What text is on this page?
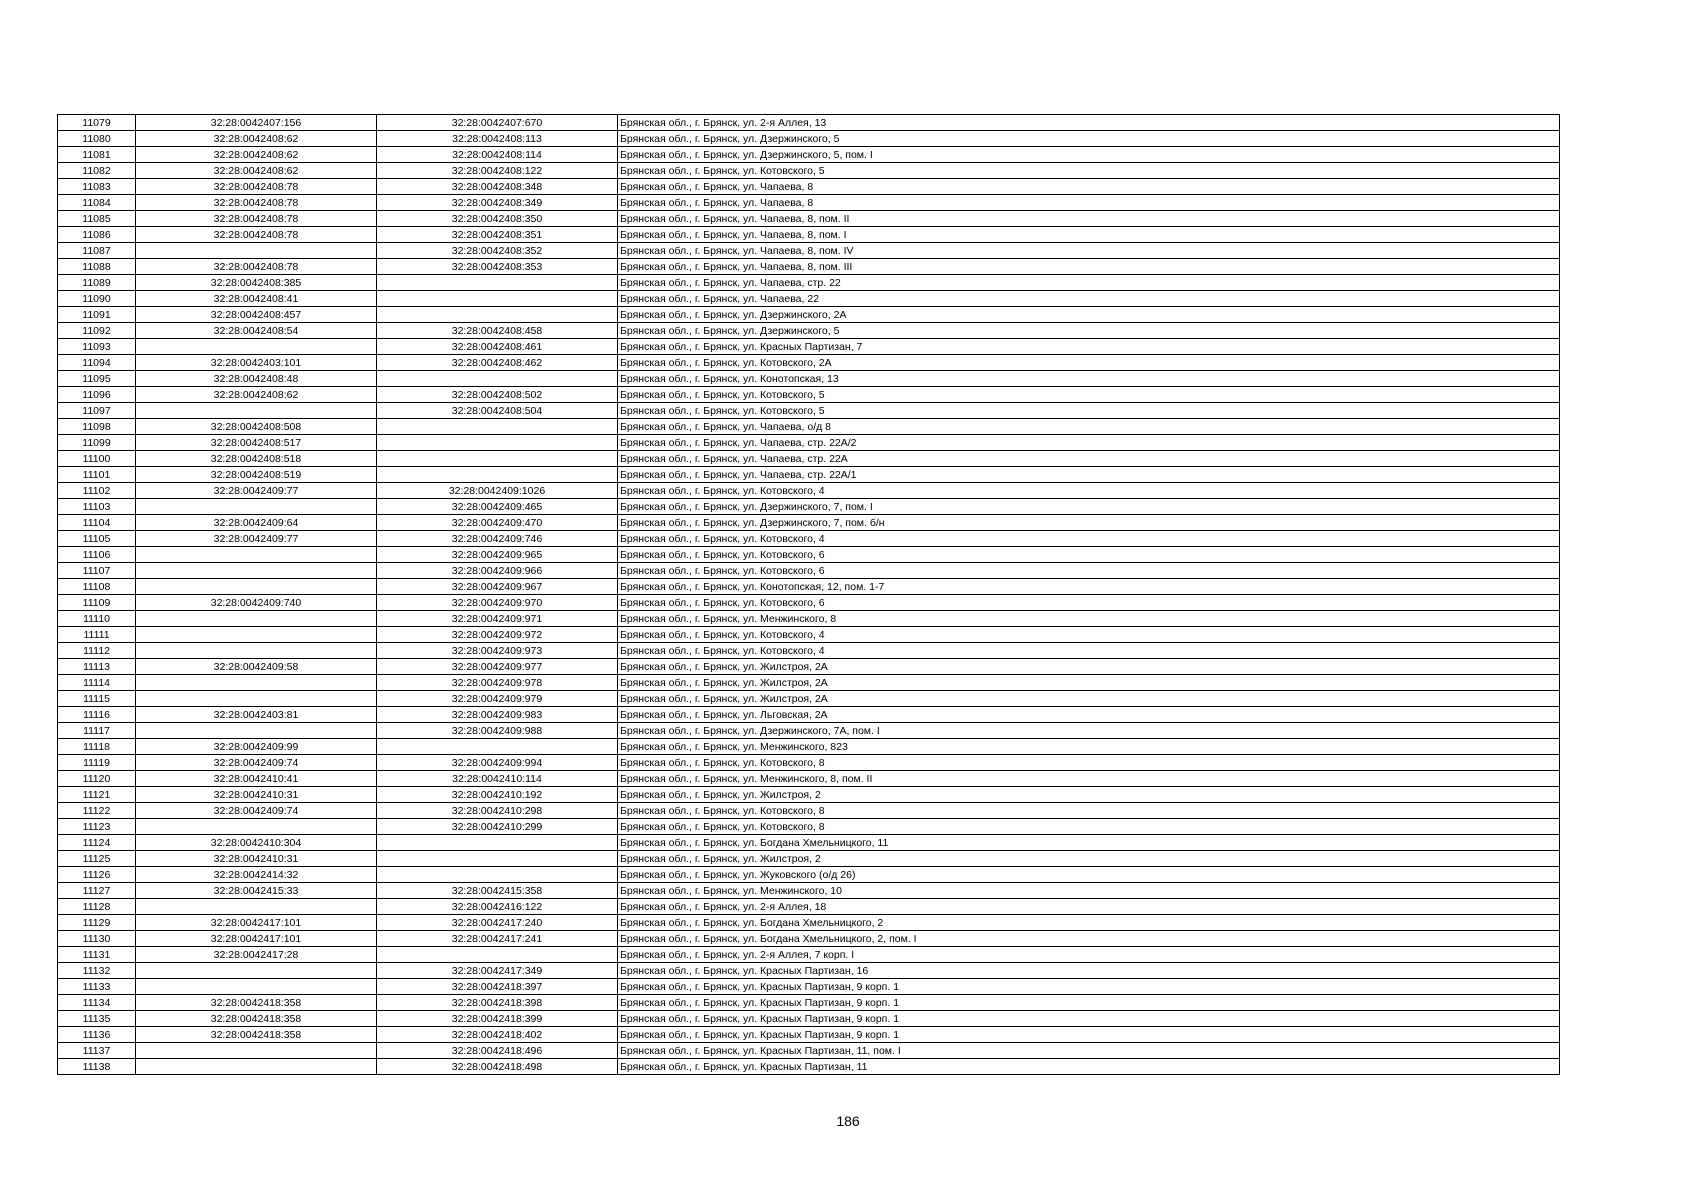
11079	32:28:0042407:156	32:28:0042407:670	Брянская обл., г. Брянск, ул. 2-я Аллея, 13
11080	32:28:0042408:62	32:28:0042408:113	Брянская обл., г. Брянск, ул. Дзержинского, 5
11081	32:28:0042408:62	32:28:0042408:114	Брянская обл., г. Брянск, ул. Дзержинского, 5, пом. I
11082	32:28:0042408:62	32:28:0042408:122	Брянская обл., г. Брянск, ул. Котовского, 5
11083	32:28:0042408:78	32:28:0042408:348	Брянская обл., г. Брянск, ул. Чапаева, 8
11084	32:28:0042408:78	32:28:0042408:349	Брянская обл., г. Брянск, ул. Чапаева, 8
11085	32:28:0042408:78	32:28:0042408:350	Брянская обл., г. Брянск, ул. Чапаева, 8, пом. II
11086	32:28:0042408:78	32:28:0042408:351	Брянская обл., г. Брянск, ул. Чапаева, 8, пом. I
11087		32:28:0042408:352	Брянская обл., г. Брянск, ул. Чапаева, 8, пом. IV
11088	32:28:0042408:78	32:28:0042408:353	Брянская обл., г. Брянск, ул. Чапаева, 8, пом. III
11089	32:28:0042408:385		Брянская обл., г. Брянск, ул. Чапаева, стр. 22
11090	32:28:0042408:41		Брянская обл., г. Брянск, ул. Чапаева, 22
11091	32:28:0042408:457		Брянская обл., г. Брянск, ул. Дзержинского, 2А
11092	32:28:0042408:54	32:28:0042408:458	Брянская обл., г. Брянск, ул. Дзержинского, 5
11093		32:28:0042408:461	Брянская обл., г. Брянск, ул. Красных Партизан, 7
11094	32:28:0042403:101	32:28:0042408:462	Брянская обл., г. Брянск, ул. Котовского, 2А
11095	32:28:0042408:48		Брянская обл., г. Брянск, ул. Конотопская, 13
11096	32:28:0042408:62	32:28:0042408:502	Брянская обл., г. Брянск, ул. Котовского, 5
11097		32:28:0042408:504	Брянская обл., г. Брянск, ул. Котовского, 5
11098	32:28:0042408:508		Брянская обл., г. Брянск, ул. Чапаева, о/д 8
11099	32:28:0042408:517		Брянская обл., г. Брянск, ул. Чапаева, стр. 22А/2
11100	32:28:0042408:518		Брянская обл., г. Брянск, ул. Чапаева, стр. 22А
11101	32:28:0042408:519		Брянская обл., г. Брянск, ул. Чапаева, стр. 22А/1
11102	32:28:0042409:77	32:28:0042409:1026	Брянская обл., г. Брянск, ул. Котовского, 4
11103		32:28:0042409:465	Брянская обл., г. Брянск, ул. Дзержинского, 7, пом. I
11104	32:28:0042409:64	32:28:0042409:470	Брянская обл., г. Брянск, ул. Дзержинского, 7, пом. б/н
11105	32:28:0042409:77	32:28:0042409:746	Брянская обл., г. Брянск, ул. Котовского, 4
11106		32:28:0042409:965	Брянская обл., г. Брянск, ул. Котовского, 6
11107		32:28:0042409:966	Брянская обл., г. Брянск, ул. Котовского, 6
11108		32:28:0042409:967	Брянская обл., г. Брянск, ул. Конотопская, 12, пом. 1-7
11109	32:28:0042409:740	32:28:0042409:970	Брянская обл., г. Брянск, ул. Котовского, 6
11110		32:28:0042409:971	Брянская обл., г. Брянск, ул. Менжинского, 8
11111		32:28:0042409:972	Брянская обл., г. Брянск, ул. Котовского, 4
11112		32:28:0042409:973	Брянская обл., г. Брянск, ул. Котовского, 4
11113	32:28:0042409:58	32:28:0042409:977	Брянская обл., г. Брянск, ул. Жилстроя, 2А
11114		32:28:0042409:978	Брянская обл., г. Брянск, ул. Жилстроя, 2А
11115		32:28:0042409:979	Брянская обл., г. Брянск, ул. Жилстроя, 2А
11116	32:28:0042403:81	32:28:0042409:983	Брянская обл., г. Брянск, ул. Льговская, 2А
11117		32:28:0042409:988	Брянская обл., г. Брянск, ул. Дзержинского, 7А, пом. I
11118	32:28:0042409:99		Брянская обл., г. Брянск, ул. Менжинского, 823
11119	32:28:0042409:74	32:28:0042409:994	Брянская обл., г. Брянск, ул. Котовского, 8
11120	32:28:0042410:41	32:28:0042410:114	Брянская обл., г. Брянск, ул. Менжинского, 8, пом. II
11121	32:28:0042410:31	32:28:0042410:192	Брянская обл., г. Брянск, ул. Жилстроя, 2
11122	32:28:0042409:74	32:28:0042410:298	Брянская обл., г. Брянск, ул. Котовского, 8
11123		32:28:0042410:299	Брянская обл., г. Брянск, ул. Котовского, 8
11124	32:28:0042410:304		Брянская обл., г. Брянск, ул. Богдана Хмельницкого, 11
11125	32:28:0042410:31		Брянская обл., г. Брянск, ул. Жилстроя, 2
11126	32:28:0042414:32		Брянская обл., г. Брянск, ул. Жуковского (о/д 26)
11127	32:28:0042415:33	32:28:0042415:358	Брянская обл., г. Брянск, ул. Менжинского, 10
11128		32:28:0042416:122	Брянская обл., г. Брянск, ул. 2-я Аллея, 18
11129	32:28:0042417:101	32:28:0042417:240	Брянская обл., г. Брянск, ул. Богдана Хмельницкого, 2
11130	32:28:0042417:101	32:28:0042417:241	Брянская обл., г. Брянск, ул. Богдана Хмельницкого, 2, пом. I
11131	32:28:0042417:28		Брянская обл., г. Брянск, ул. 2-я Аллея, 7 корп. I
11132		32:28:0042417:349	Брянская обл., г. Брянск, ул. Красных Партизан, 16
11133		32:28:0042418:397	Брянская обл., г. Брянск, ул. Красных Партизан, 9 корп. 1
11134	32:28:0042418:358	32:28:0042418:398	Брянская обл., г. Брянск, ул. Красных Партизан, 9 корп. 1
11135	32:28:0042418:358	32:28:0042418:399	Брянская обл., г. Брянск, ул. Красных Партизан, 9 корп. 1
11136	32:28:0042418:358	32:28:0042418:402	Брянская обл., г. Брянск, ул. Красных Партизан, 9 корп. 1
11137		32:28:0042418:496	Брянская обл., г. Брянск, ул. Красных Партизан, 11, пом. I
11138		32:28:0042418:498	Брянская обл., г. Брянск, ул. Красных Партизан, 11
186
